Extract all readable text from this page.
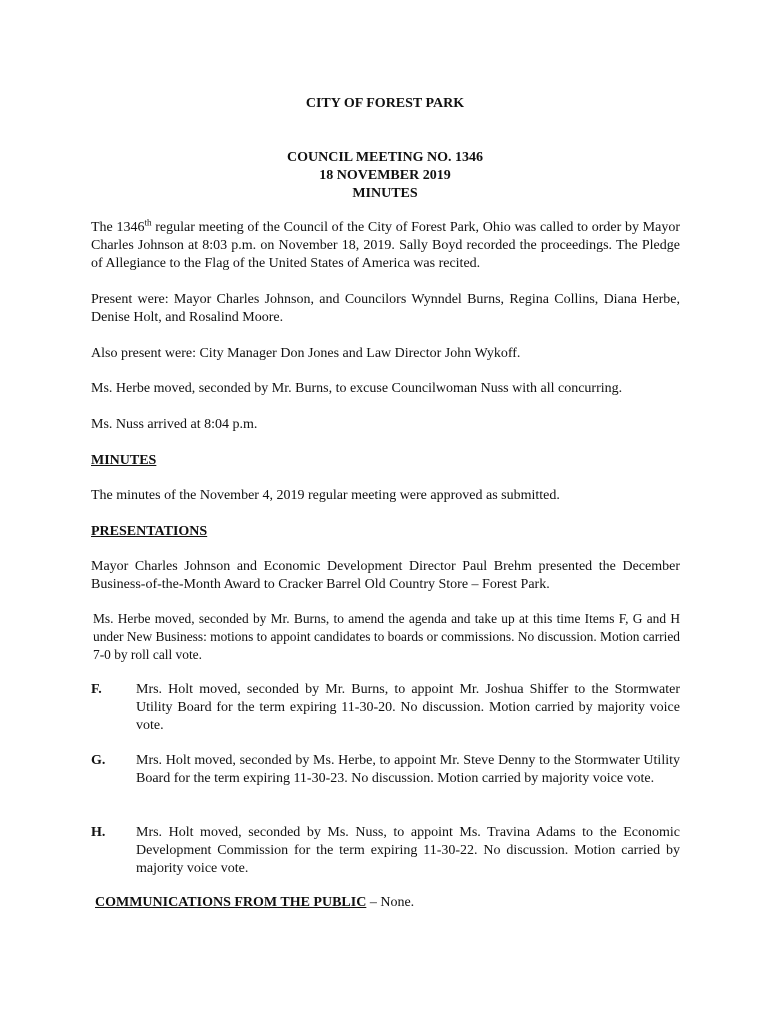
CITY OF FOREST PARK
COUNCIL MEETING NO. 1346
18 NOVEMBER 2019
MINUTES

The 1346th regular meeting of the Council of the City of Forest Park, Ohio was called to order by Mayor Charles Johnson at 8:03 p.m. on November 18, 2019. Sally Boyd recorded the proceedings. The Pledge of Allegiance to the Flag of the United States of America was recited.

Present were: Mayor Charles Johnson, and Councilors Wynndel Burns, Regina Collins, Diana Herbe, Denise Holt, and Rosalind Moore.

Also present were: City Manager Don Jones and Law Director John Wykoff.

Ms. Herbe moved, seconded by Mr. Burns, to excuse Councilwoman Nuss with all concurring.

Ms. Nuss arrived at 8:04 p.m.

MINUTES

The minutes of the November 4, 2019 regular meeting were approved as submitted.

PRESENTATIONS

Mayor Charles Johnson and Economic Development Director Paul Brehm presented the December Business-of-the-Month Award to Cracker Barrel Old Country Store – Forest Park.

Ms. Herbe moved, seconded by Mr. Burns, to amend the agenda and take up at this time Items F, G and H under New Business: motions to appoint candidates to boards or commissions. No discussion. Motion carried 7-0 by roll call vote.

F. Mrs. Holt moved, seconded by Mr. Burns, to appoint Mr. Joshua Shiffer to the Stormwater Utility Board for the term expiring 11-30-20. No discussion. Motion carried by majority voice vote.

G. Mrs. Holt moved, seconded by Ms. Herbe, to appoint Mr. Steve Denny to the Stormwater Utility Board for the term expiring 11-30-23. No discussion. Motion carried by majority voice vote.

H. Mrs. Holt moved, seconded by Ms. Nuss, to appoint Ms. Travina Adams to the Economic Development Commission for the term expiring 11-30-22. No discussion. Motion carried by majority voice vote.

COMMUNICATIONS FROM THE PUBLIC – None.
